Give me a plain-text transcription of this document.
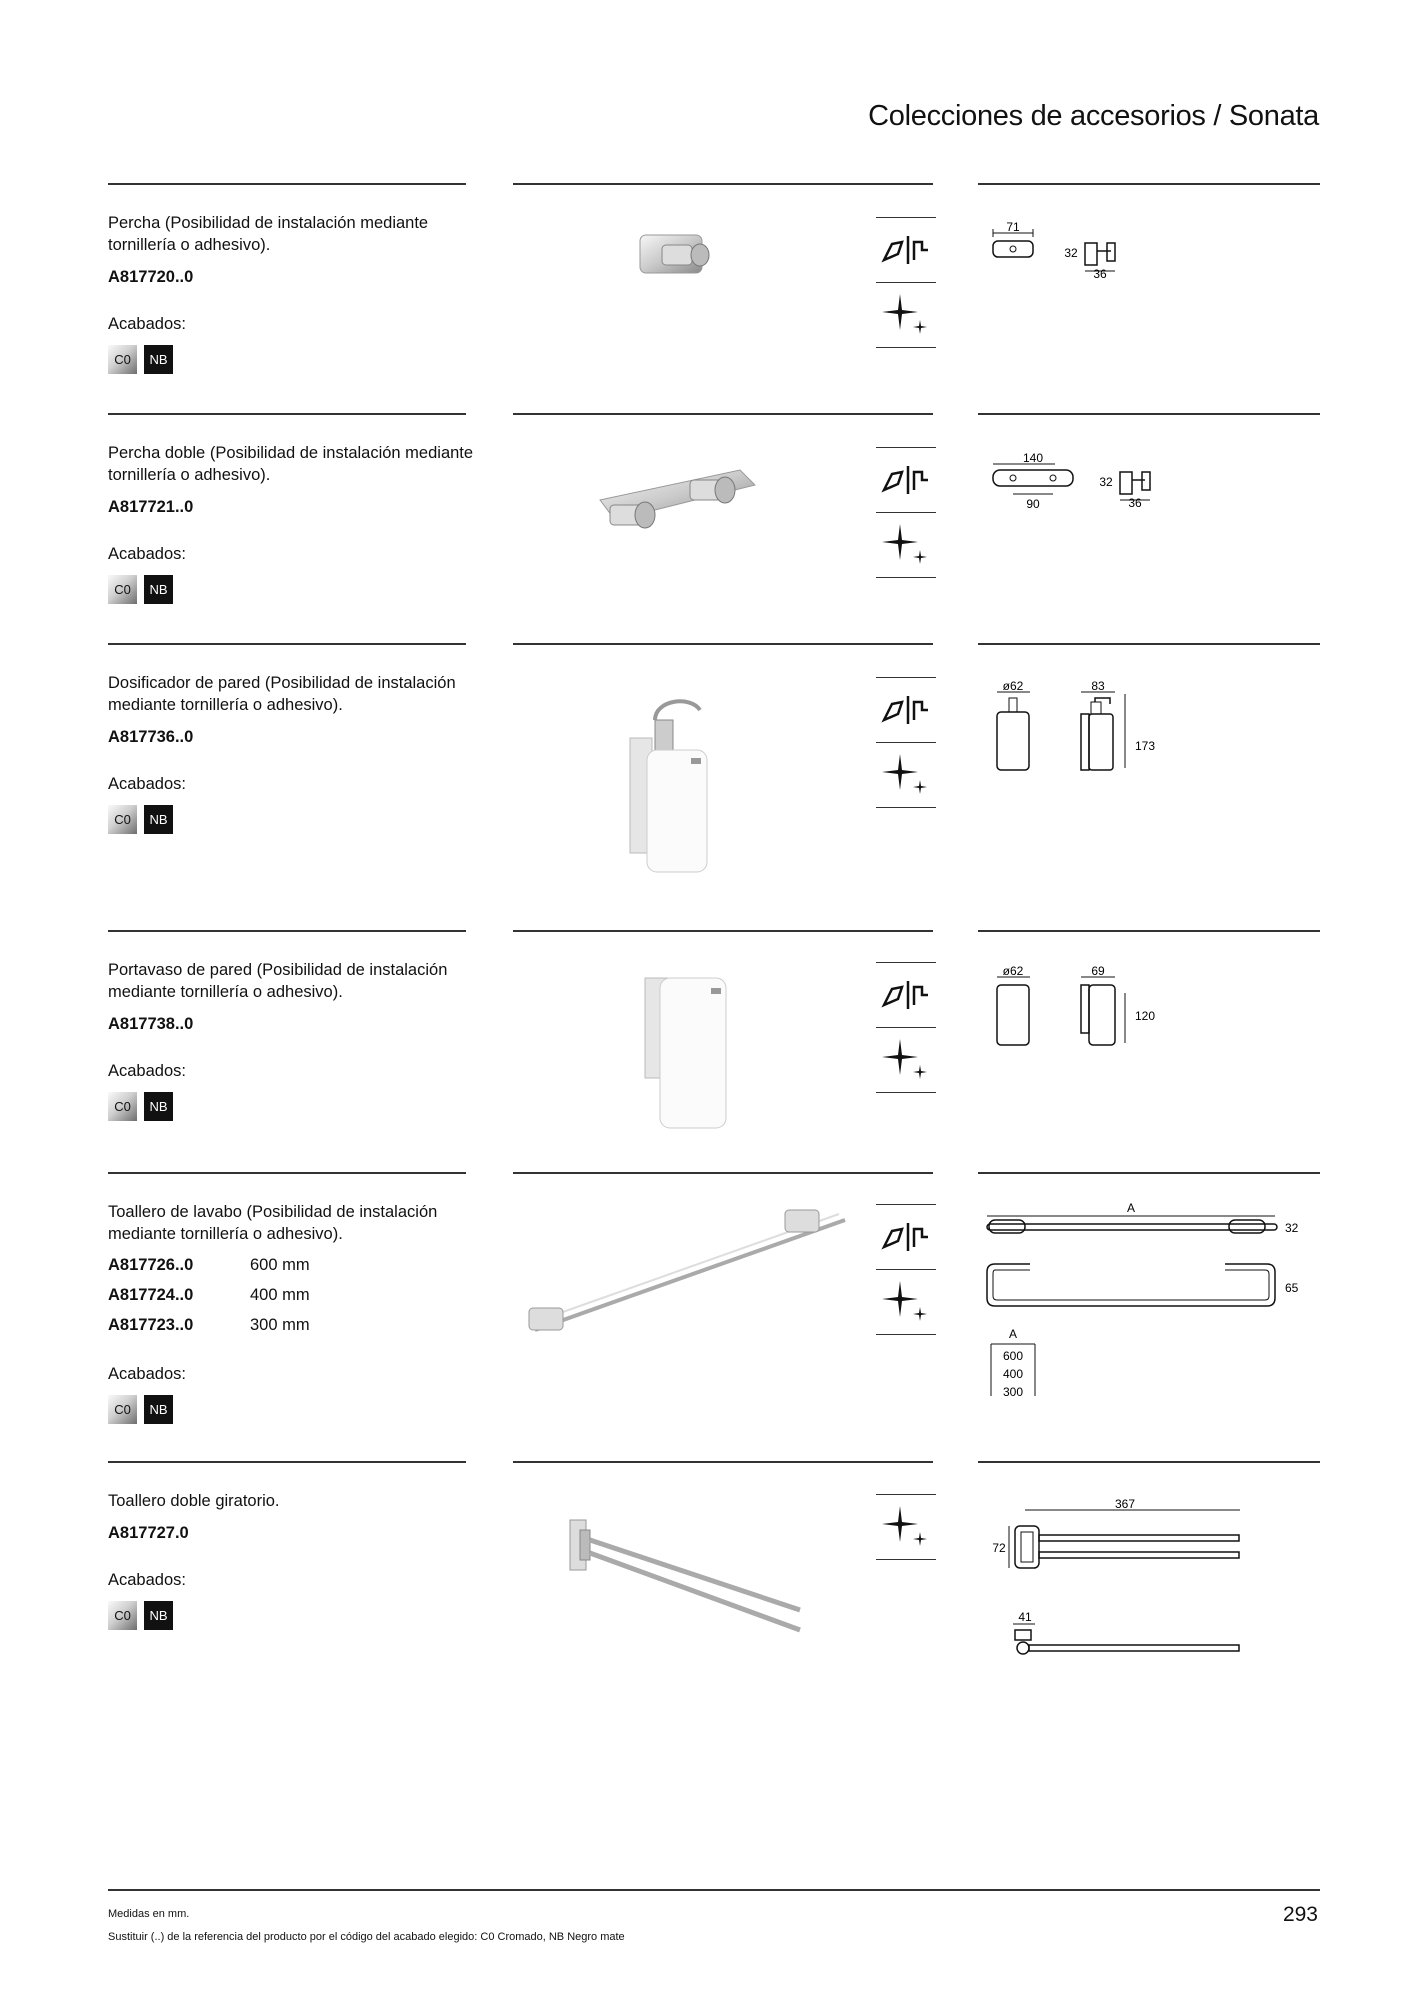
Colecciones de accesorios / Sonata
Percha (Posibilidad de instalación mediante tornillería o adhesivo).
A817720..0
Acabados:
C0	NB
71
32
36
Percha doble (Posibilidad de instalación mediante tornillería o adhesivo).
A817721..0
Acabados:
C0	NB
140
90
32
36
Dosificador de pared (Posibilidad de instalación mediante tornillería o adhesivo).
A817736..0
Acabados:
C0	NB
ø62	83
173
Portavaso de pared (Posibilidad de instalación mediante tornillería o adhesivo).
A817738..0
Acabados:
C0	NB
ø62	69
120
Toallero de lavabo (Posibilidad de instalación mediante tornillería o adhesivo).
A817726..0	600 mm
A817724..0	400 mm
A817723..0	300 mm
Acabados:
C0	NB
A
32
65
A
600
400
300
Toallero doble giratorio.
A817727.0
Acabados:
C0	NB
367
72
41
Medidas en mm.
Sustituir (..) de la referencia del producto por el código del acabado elegido: C0 Cromado, NB Negro mate
293
